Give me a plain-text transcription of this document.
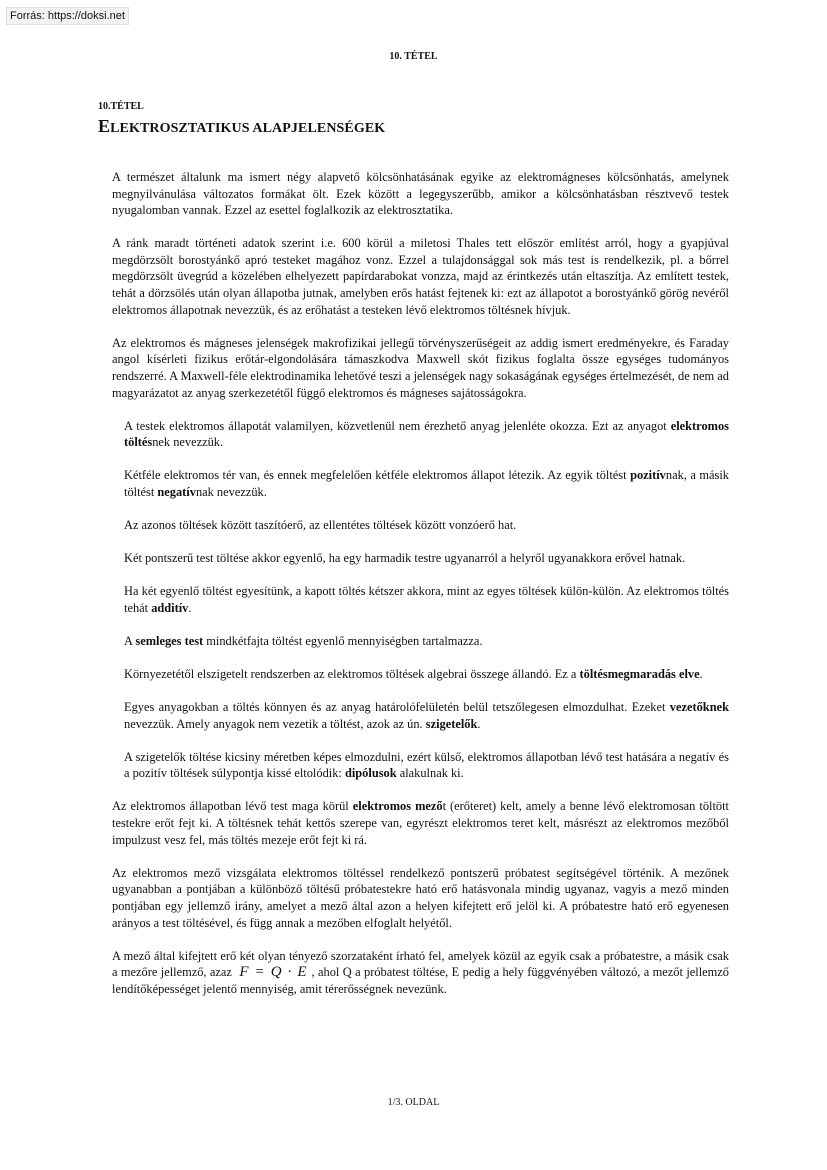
Forrás: https://doksi.net
10. TÉTEL
10.TÉTEL
ELEKTROSZTATIKUS ALAPJELENSÉGEK

A természet általunk ma ismert négy alapvető kölcsönhatásának egyike az elektromágneses kölcsönhatás, amelynek megnyilvánulása változatos formákat ölt. Ezek között a legegyszerűbb, amikor a kölcsönhatásban résztvevő testek nyugalomban vannak. Ezzel az esettel foglalkozik az elektrosztatika.

A ránk maradt történeti adatok szerint i.e. 600 körül a miletosi Thales tett először említést arról, hogy a gyapjúval megdörzsölt borostyánkő apró testeket magához vonz. Ezzel a tulajdonsággal sok más test is rendelkezik, pl. a bőrrel megdörzsölt üvegrúd a közelében elhelyezett papírdarabokat vonzza, majd az érintkezés után eltaszítja. Az említett testek, tehát a dörzsölés után olyan állapotba jutnak, amelyben erős hatást fejtenek ki: ezt az állapotot a borostyánkő görög nevéről elektromos állapotnak nevezzük, és az erőhatást a testeken lévő elektromos töltésnek hívjuk.

Az elektromos és mágneses jelenségek makrofizikai jellegű törvényszerűségeit az addig ismert eredményekre, és Faraday angol kísérleti fizikus erőtár-elgondolására támaszkodva Maxwell skót fizikus foglalta össze egységes tudományos rendszerré. A Maxwell-féle elektrodinamika lehetővé teszi a jelenségek nagy sokaságának egységes értelmezését, de nem ad magyarázatot az anyag szerkezetétől függő elektromos és mágneses sajátosságokra.

A testek elektromos állapotát valamilyen, közvetlenül nem érezhető anyag jelenléte okozza. Ezt az anyagot elektromos töltésnek nevezzük.

Kétféle elektromos tér van, és ennek megfelelően kétféle elektromos állapot létezik. Az egyik töltést pozitívnak, a másik töltést negatívnak nevezzük.

Az azonos töltések között taszítóerő, az ellentétes töltések között vonzóerő hat.

Két pontszerű test töltése akkor egyenlő, ha egy harmadik testre ugyanarról a helyről ugyanakkora erővel hatnak.

Ha két egyenlő töltést egyesítünk, a kapott töltés kétszer akkora, mint az egyes töltések külön-külön. Az elektromos töltés tehát additív.

A semleges test mindkétfajta töltést egyenlő mennyiségben tartalmazza.

Környezetétől elszigetelt rendszerben az elektromos töltések algebrai összege állandó. Ez a töltésmegmaradás elve.

Egyes anyagokban a töltés könnyen és az anyag határolófelületén belül tetszőlegesen elmozdulhat. Ezeket vezetőknek nevezzük. Amely anyagok nem vezetik a töltést, azok az ún. szigetelők.

A szigetelők töltése kicsiny méretben képes elmozdulni, ezért külső, elektromos állapotban lévő test hatására a negatív és a pozitív töltések súlypontja kissé eltolódik: dipólusok alakulnak ki.

Az elektromos állapotban lévő test maga körül elektromos mezőt (erőteret) kelt, amely a benne lévő elektromosan töltött testekre erőt fejt ki. A töltésnek tehát kettős szerepe van, egyrészt elektromos teret kelt, másrészt az elektromos mezőből impulzust vesz fel, más töltés mezeje erőt fejt ki rá.

Az elektromos mező vizsgálata elektromos töltéssel rendelkező pontszerű próbatest segítségével történik. A mezőnek ugyanabban a pontjában a különböző töltésű próbatestekre ható erő hatásvonala mindig ugyanaz, vagyis a mező minden pontjában egy jellemző irány, amelyet a mező által azon a helyen kifejtett erő jelöl ki. A próbatestre ható erő egyenesen arányos a test töltésével, és függ annak a mezőben elfoglalt helyétől.

A mező által kifejtett erő két olyan tényező szorzataként írható fel, amelyek közül az egyik csak a próbatestre, a másik csak a mezőre jellemző, azaz F = Q · E , ahol Q a próbatest töltése, E pedig a hely függvényében változó, a mezőt jellemző lendítőképességet jelentő mennyiség, amit térerősségnek nevezünk.

1/3. OLDAL
